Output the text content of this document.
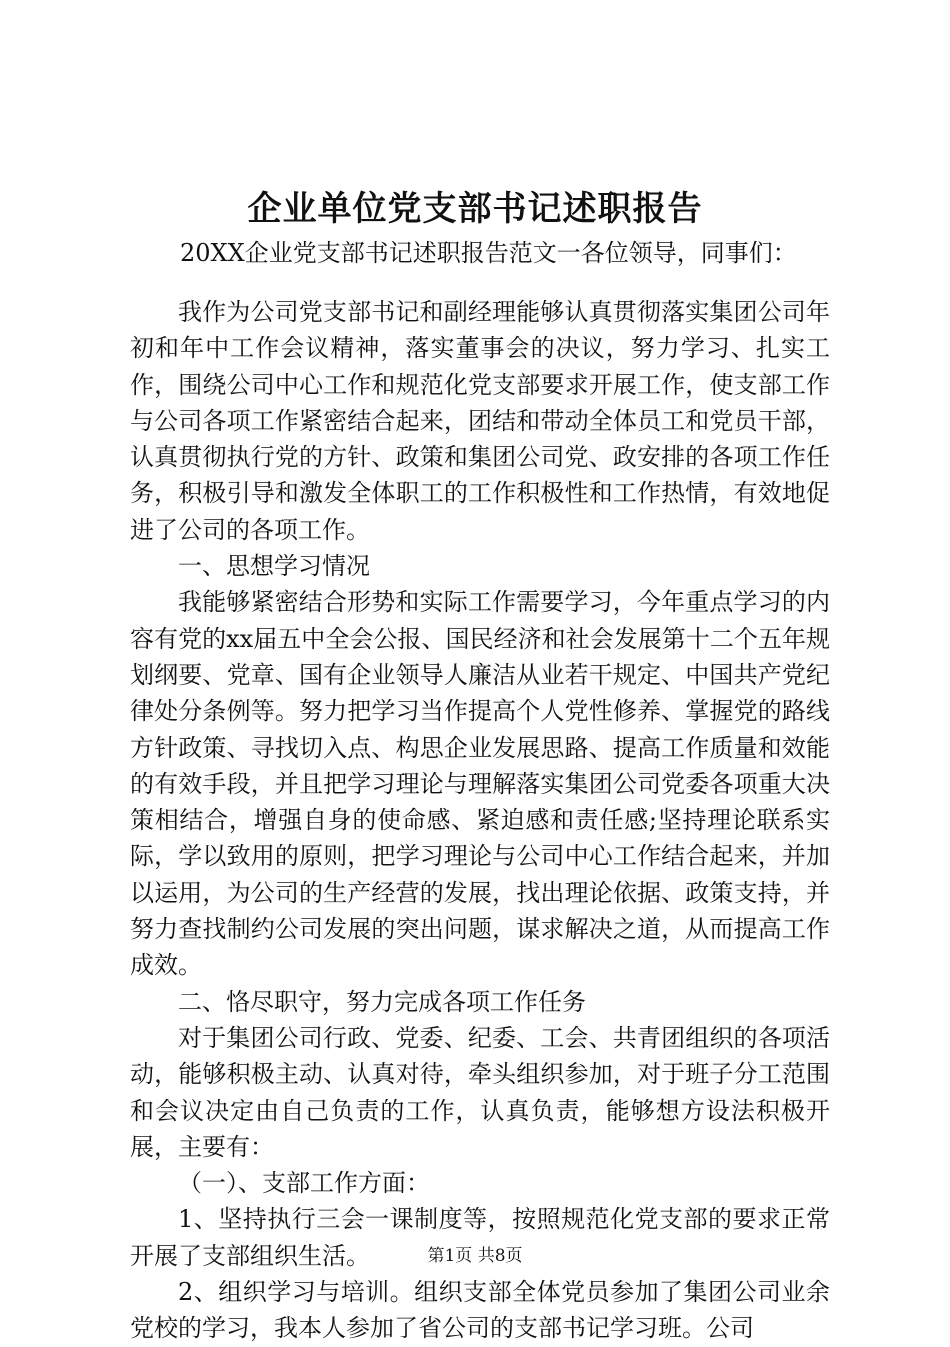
企业单位党支部书记述职报告
20XX企业党支部书记述职报告范文一各位领导，同事们：

我作为公司党支部书记和副经理能够认真贯彻落实集团公司年初和年中工作会议精神，落实董事会的决议，努力学习、扎实工作，围绕公司中心工作和规范化党支部要求开展工作，使支部工作与公司各项工作紧密结合起来，团结和带动全体员工和党员干部，认真贯彻执行党的方针、政策和集团公司党、政安排的各项工作任务，积极引导和激发全体职工的工作积极性和工作热情，有效地促进了公司的各项工作。

一、思想学习情况

我能够紧密结合形势和实际工作需要学习，今年重点学习的内容有党的xx届五中全会公报、国民经济和社会发展第十二个五年规划纲要、党章、国有企业领导人廉洁从业若干规定、中国共产党纪律处分条例等。努力把学习当作提高个人党性修养、掌握党的路线方针政策、寻找切入点、构思企业发展思路、提高工作质量和效能的有效手段，并且把学习理论与理解落实集团公司党委各项重大决策相结合，增强自身的使命感、紧迫感和责任感;坚持理论联系实际，学以致用的原则，把学习理论与公司中心工作结合起来，并加以运用，为公司的生产经营的发展，找出理论依据、政策支持，并努力查找制约公司发展的突出问题，谋求解决之道，从而提高工作成效。

二、恪尽职守，努力完成各项工作任务

对于集团公司行政、党委、纪委、工会、共青团组织的各项活动，能够积极主动、认真对待，牵头组织参加，对于班子分工范围和会议决定由自己负责的工作，认真负责，能够想方设法积极开展，主要有：

（一）、支部工作方面：

1、坚持执行三会一课制度等，按照规范化党支部的要求正常开展了支部组织生活。

2、组织学习与培训。组织支部全体党员参加了集团公司业余党校的学习，我本人参加了省公司的支部书记学习班。公司

第1页 共8页
